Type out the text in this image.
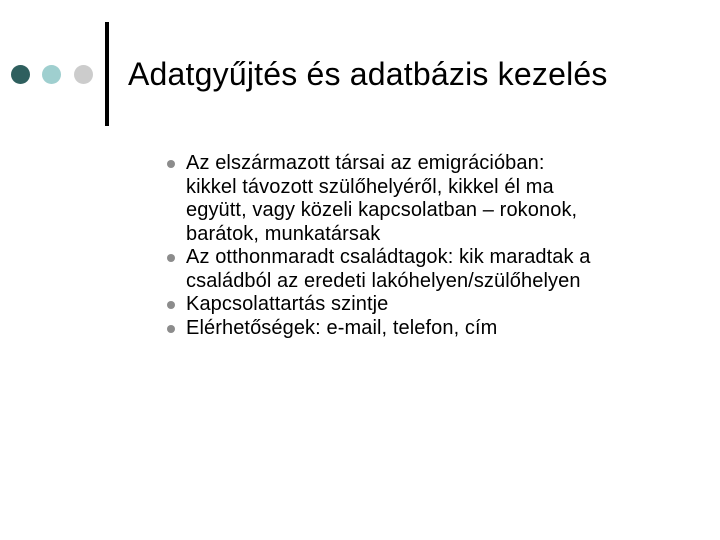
Adatgyűjtés és adatbázis kezelés
Az elszármazott társai az emigrációban:
kikkel távozott szülőhelyéről, kikkel él ma
együtt, vagy közeli kapcsolatban – rokonok,
barátok, munkatársak
Az otthonmaradt családtagok: kik maradtak a
családból az eredeti lakóhelyen/szülőhelyen
Kapcsolattartás szintje
Elérhetőségek: e-mail, telefon, cím
